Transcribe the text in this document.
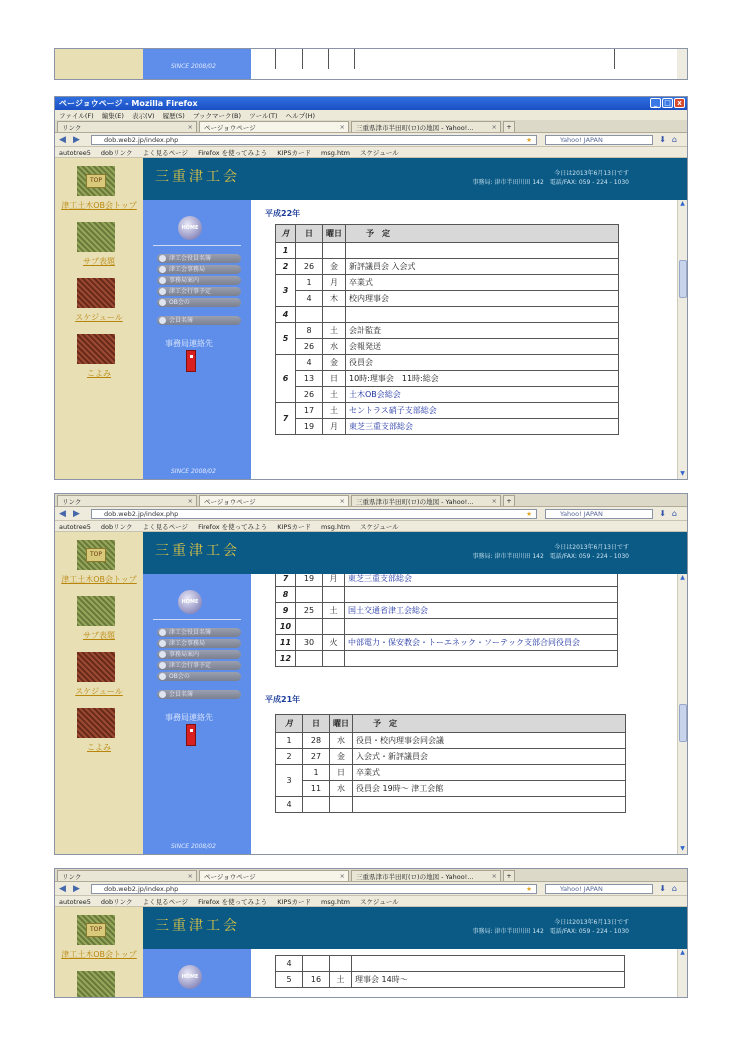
SINCE 2008/02
ページョウページ - Mozilla Firefox	_ □ x
ファイル(F) 編集(E) 表示(V) 履歴(S) ブックマーク(B) ツール(T) ヘルプ(H)
リンク	×	ページョウページ	×	三重県津市半田町(ロ)の地図 - Yahoo!...	×	+
◀ ▶	dob.web2.jp/index.php	★	Yahoo! JAPAN	⬇⌂
autotree5 dobリンク よく見るページ Firefox を使ってみよう KIPSカード msg.htm スケジュール
TOP
津工土木OB会トップ
サブ表題
スケジュール
こよみ
三重津工会	今日は2013年6月13日です
事務局: 津市半田川田 142　 電話/FAX: 059 - 224 - 1030
HOME
津工会役員名簿
津工会事務局
事務局案内
津工会行事予定
OB会の
会員名簿
事務局連絡先
SINCE 2008/02
平成22年
月	日	曜日	予　定
1			
2	26	金	新評議員会 入会式
3	1	月	卒業式
	4	木	校内理事会
4			
5	8	土	会計監査
	26	水	会報発送
6	4	金	役員会
	13	日	10時:理事会　11時:総会
	26	土	土木OB会総会
7	17	土	セントラス硝子支部総会
	19	月	東芝三重支部総会
▲
▼
リンク	×	ページョウページ	×	三重県津市半田町(ロ)の地図 - Yahoo!...	×	+
◀ ▶	dob.web2.jp/index.php	★	Yahoo! JAPAN	⬇⌂
autotree5 dobリンク よく見るページ Firefox を使ってみよう KIPSカード msg.htm スケジュール
TOP
津工土木OB会トップ
サブ表題
スケジュール
こよみ
三重津工会	今日は2013年6月13日です
事務局: 津市半田川田 142　 電話/FAX: 059 - 224 - 1030
HOME
津工会役員名簿
津工会事務局
事務局案内
津工会行事予定
OB会の
会員名簿
事務局連絡先
SINCE 2008/02
7	19	月	東芝三重支部総会
8			
9	25	土	国土交通省津工会総会
10			
11	30	火	中部電力・保安教会・トーエネック・ソーテック支部合同役員会
12			
平成21年
月	日	曜日	予　定
1	28	水	役員・校内理事会同会議
2	27	金	入会式・新評議員会
3	1	日	卒業式
	11	水	役員会 19時～ 津工会館
4			
▲
▼
リンク	×	ページョウページ	×	三重県津市半田町(ロ)の地図 - Yahoo!...	×	+
◀ ▶	dob.web2.jp/index.php	★	Yahoo! JAPAN	⬇⌂
autotree5 dobリンク よく見るページ Firefox を使ってみよう KIPSカード msg.htm スケジュール
TOP
津工土木OB会トップ
三重津工会	今日は2013年6月13日です
事務局: 津市半田川田 142　 電話/FAX: 059 - 224 - 1030
HOME
4			
5	16	土	理事会 14時～
▲
